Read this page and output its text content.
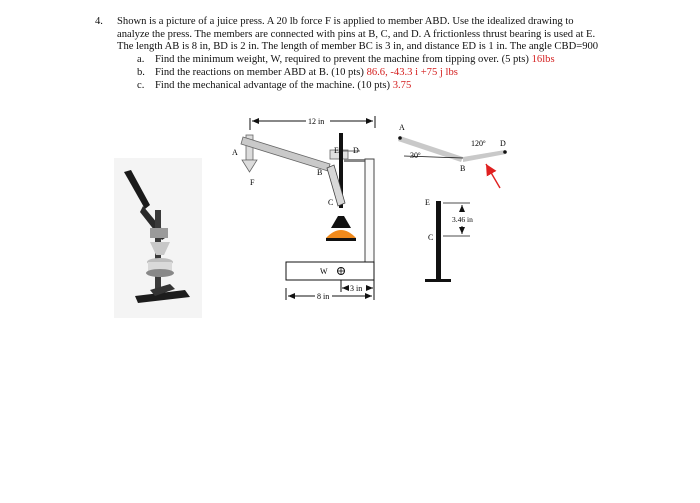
4. Shown is a picture of a juice press. A 20 lb force F is applied to member ABD. Use the idealized drawing to
analyze the press. The members are connected with pins at B, C, and D. A frictionless thrust bearing is used at E.
The length AB is 8 in, BD is 2 in. The length of member BC is 3 in, and distance ED is 1 in. The angle CBD=900
a. Find the minimum weight, W, required to prevent the machine from tipping over. (5 pts) 16lbs
b. Find the reactions on member ABD at B. (10 pts) 86.6, -43.3 i +75 j lbs
c. Find the mechanical advantage of the machine. (10 pts) 3.75
12 in
F
A	E D
B
C
W
3 in
8 in
A
30$^o$
120$^o$ D
B
E
C
3.46 in
